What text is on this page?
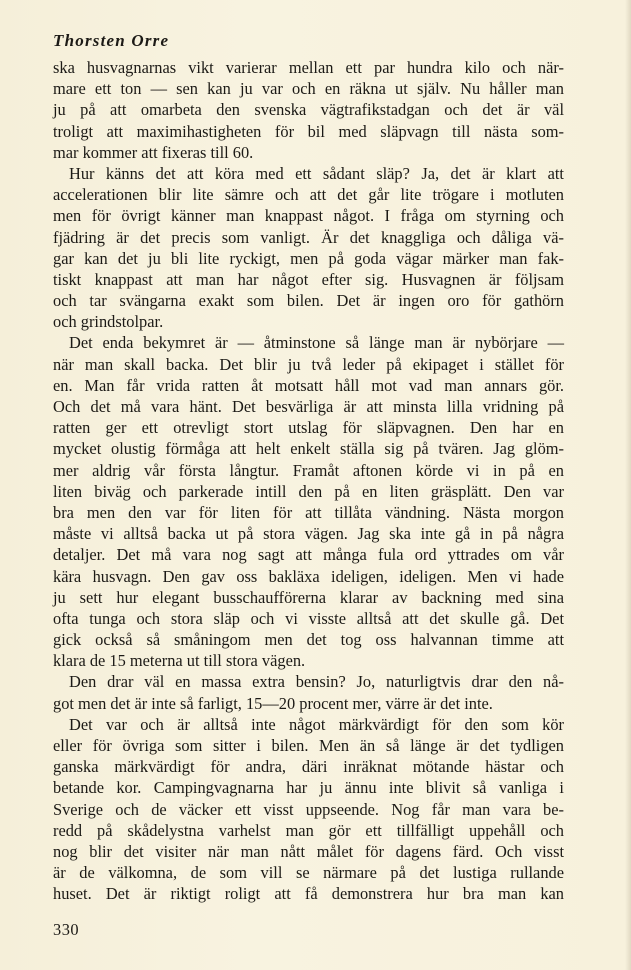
Thorsten Orre
ska husvagnarnas vikt varierar mellan ett par hundra kilo och när-
mare ett ton — sen kan ju var och en räkna ut själv. Nu håller man
ju på att omarbeta den svenska vägtrafikstadgan och det är väl
troligt att maximihastigheten för bil med släpvagn till nästa som-
mar kommer att fixeras till 60.
Hur känns det att köra med ett sådant släp? Ja, det är klart att
accelerationen blir lite sämre och att det går lite trögare i motluten
men för övrigt känner man knappast något. I fråga om styrning och
fjädring är det precis som vanligt. Är det knaggliga och dåliga vä-
gar kan det ju bli lite ryckigt, men på goda vägar märker man fak-
tiskt knappast att man har något efter sig. Husvagnen är följsam
och tar svängarna exakt som bilen. Det är ingen oro för gathörn
och grindstolpar.
Det enda bekymret är — åtminstone så länge man är nybörjare —
när man skall backa. Det blir ju två leder på ekipaget i stället för
en. Man får vrida ratten åt motsatt håll mot vad man annars gör.
Och det må vara hänt. Det besvärliga är att minsta lilla vridning på
ratten ger ett otrevligt stort utslag för släpvagnen. Den har en
mycket olustig förmåga att helt enkelt ställa sig på tvären. Jag glöm-
mer aldrig vår första långtur. Framåt aftonen körde vi in på en
liten biväg och parkerade intill den på en liten gräsplätt. Den var
bra men den var för liten för att tillåta vändning. Nästa morgon
måste vi alltså backa ut på stora vägen. Jag ska inte gå in på några
detaljer. Det må vara nog sagt att många fula ord yttrades om vår
kära husvagn. Den gav oss bakläxa ideligen, ideligen. Men vi hade
ju sett hur elegant busschaufförerna klarar av backning med sina
ofta tunga och stora släp och vi visste alltså att det skulle gå. Det
gick också så småningom men det tog oss halvannan timme att
klara de 15 meterna ut till stora vägen.
Den drar väl en massa extra bensin? Jo, naturligtvis drar den nå-
got men det är inte så farligt, 15—20 procent mer, värre är det inte.
Det var och är alltså inte något märkvärdigt för den som kör
eller för övriga som sitter i bilen. Men än så länge är det tydligen
ganska märkvärdigt för andra, däri inräknat mötande hästar och
betande kor. Campingvagnarna har ju ännu inte blivit så vanliga i
Sverige och de väcker ett visst uppseende. Nog får man vara be-
redd på skådelystna varhelst man gör ett tillfälligt uppehåll och
nog blir det visiter när man nått målet för dagens färd. Och visst
är de välkomna, de som vill se närmare på det lustiga rullande
huset. Det är riktigt roligt att få demonstrera hur bra man kan
330
